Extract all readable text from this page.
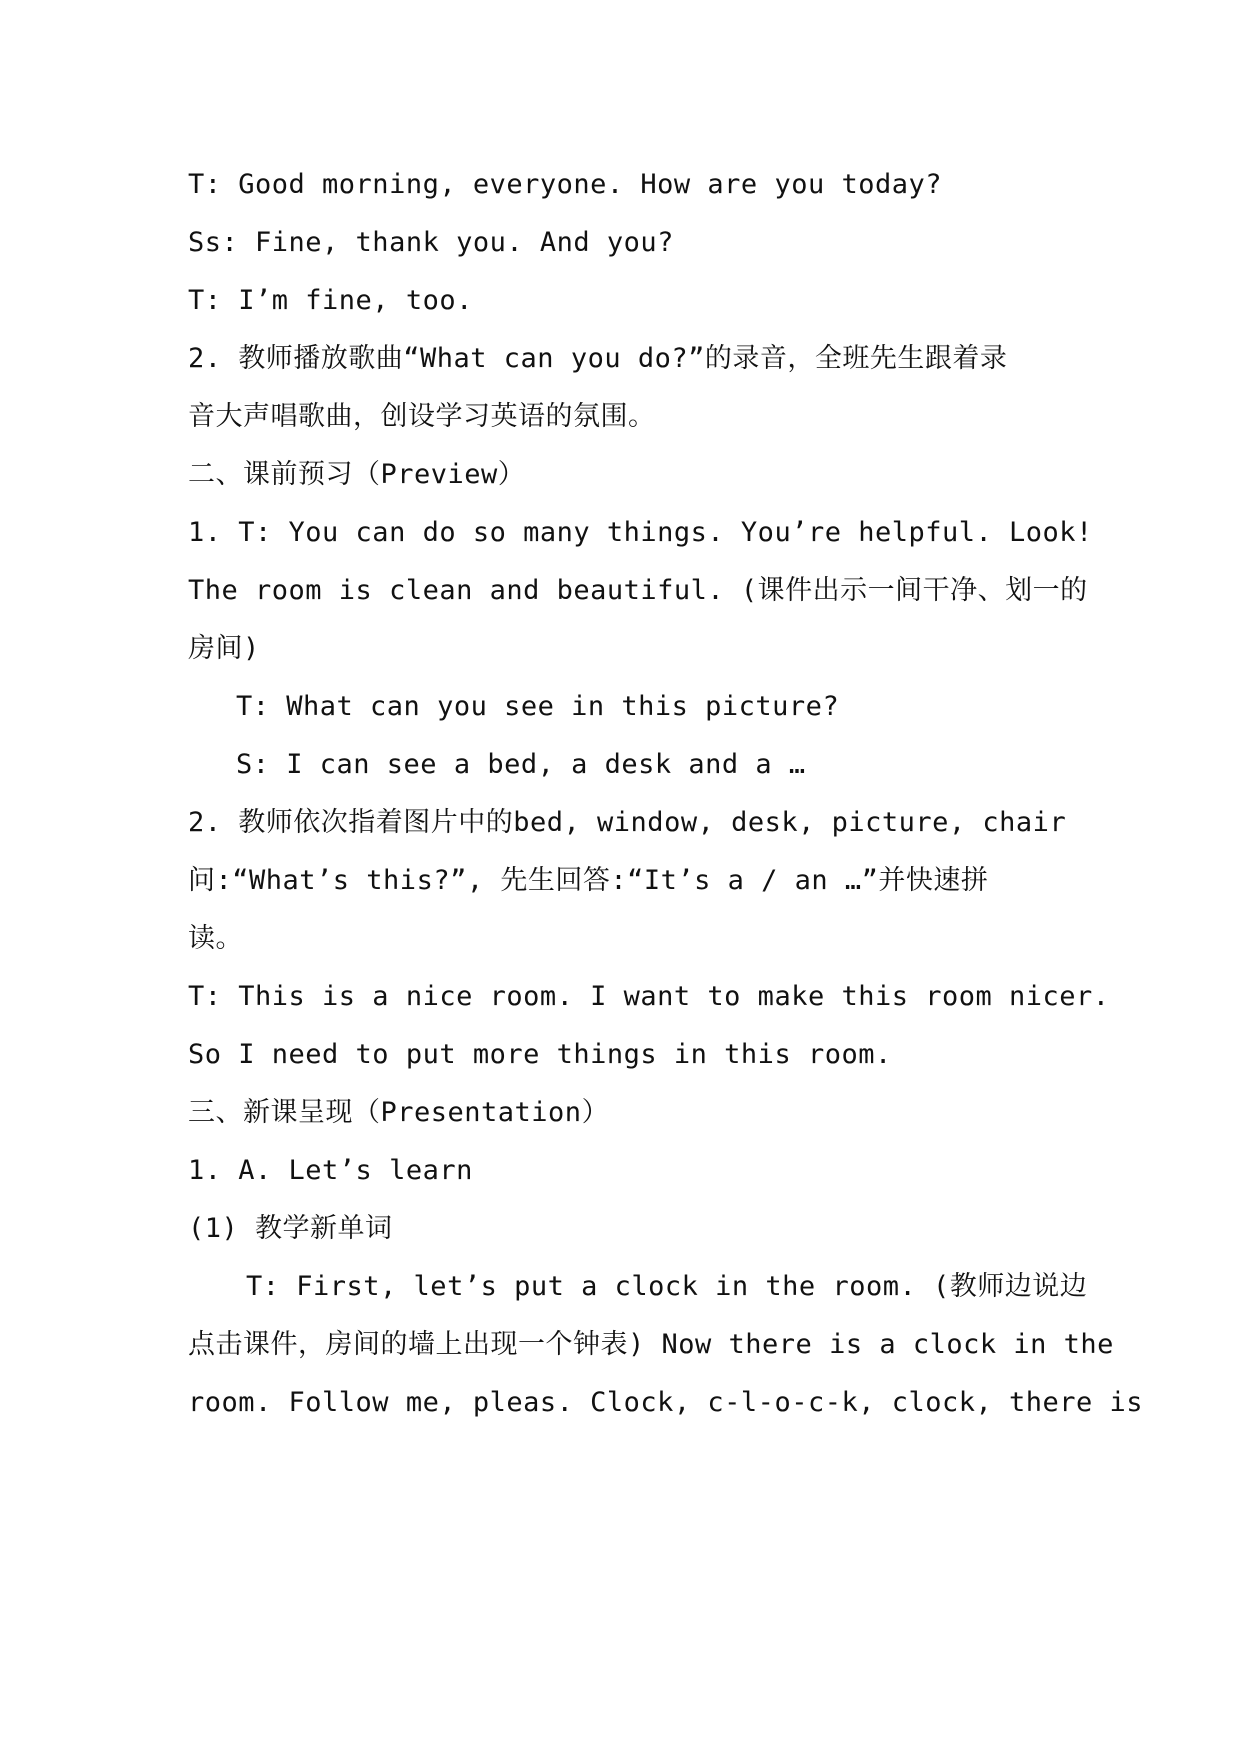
T: Good morning, everyone. How are you today?
Ss: Fine, thank you. And you?
T: I’m fine, too.
2. 教师播放歌曲“What can you do?”的录音，全班先生跟着录
音大声唱歌曲，创设学习英语的氛围。
二、课前预习（Preview）
1. T: You can do so many things. You’re helpful. Look!
The room is clean and beautiful. (课件出示一间干净、划一的
房间)
T: What can you see in this picture?
S: I can see a bed, a desk and a …
2. 教师依次指着图片中的bed, window, desk, picture, chair
问:“What’s this?”, 先生回答:“It’s a / an …”并快速拼
读。
T: This is a nice room. I want to make this room nicer.
So I need to put more things in this room.
三、新课呈现（Presentation）
1. A. Let’s learn
(1) 教学新单词
T: First, let’s put a clock in the room. (教师边说边
点击课件，房间的墙上出现一个钟表) Now there is a clock in the
room. Follow me, pleas. Clock, c-l-o-c-k, clock, there is
